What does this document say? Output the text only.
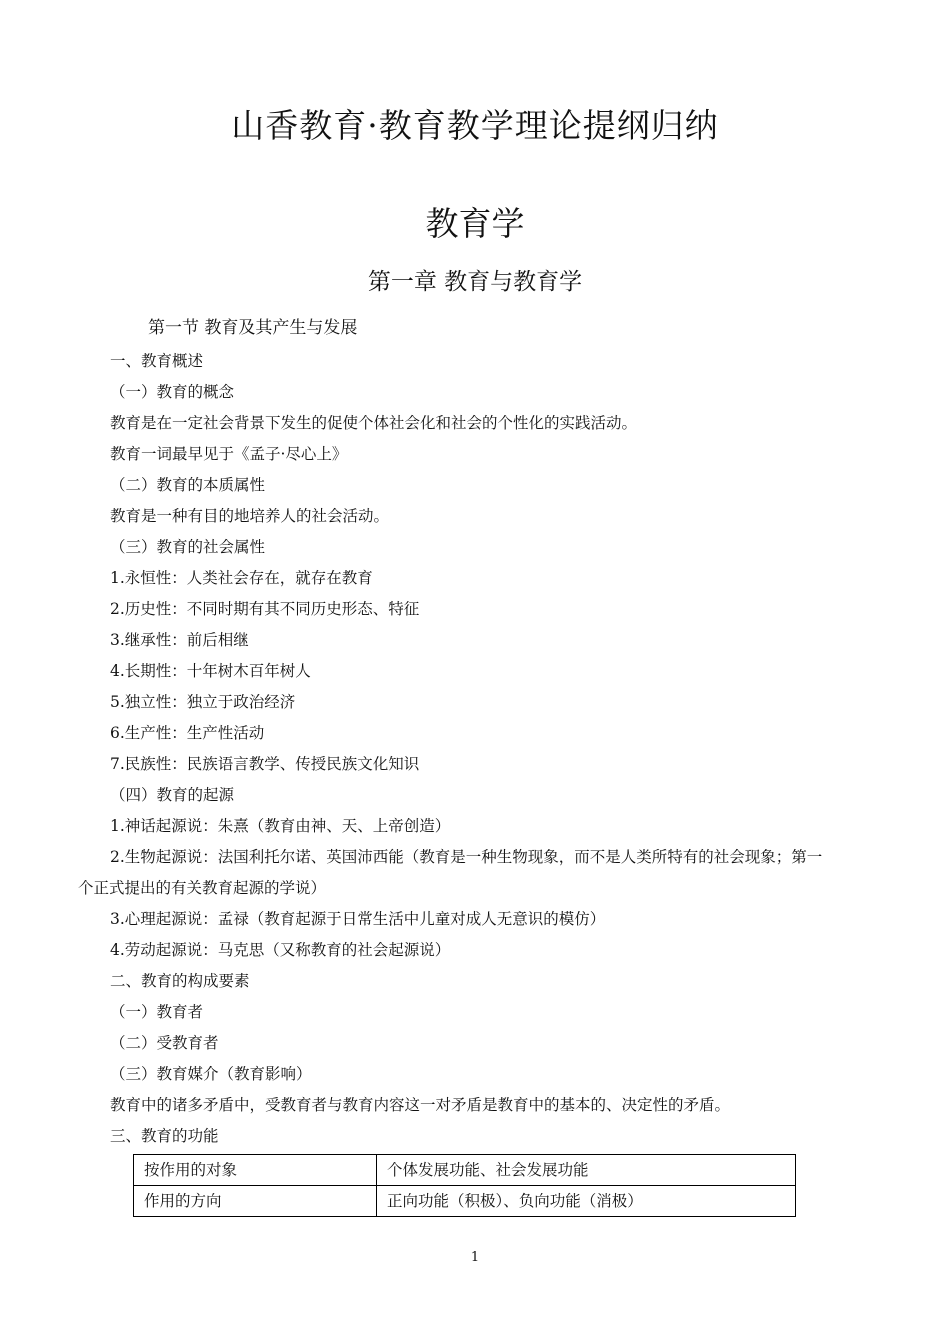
山香教育·教育教学理论提纲归纳
教育学
第一章 教育与教育学
第一节 教育及其产生与发展
一、教育概述
（一）教育的概念
教育是在一定社会背景下发生的促使个体社会化和社会的个性化的实践活动。
教育一词最早见于《孟子·尽心上》
（二）教育的本质属性
教育是一种有目的地培养人的社会活动。
（三）教育的社会属性
1.永恒性：人类社会存在，就存在教育
2.历史性：不同时期有其不同历史形态、特征
3.继承性：前后相继
4.长期性：十年树木百年树人
5.独立性：独立于政治经济
6.生产性：生产性活动
7.民族性：民族语言教学、传授民族文化知识
（四）教育的起源
1.神话起源说：朱熹（教育由神、天、上帝创造）
2.生物起源说：法国利托尔诺、英国沛西能（教育是一种生物现象，而不是人类所特有的社会现象；第一
个正式提出的有关教育起源的学说）
3.心理起源说：孟禄（教育起源于日常生活中儿童对成人无意识的模仿）
4.劳动起源说：马克思（又称教育的社会起源说）
二、教育的构成要素
（一）教育者
（二）受教育者
（三）教育媒介（教育影响）
教育中的诸多矛盾中，受教育者与教育内容这一对矛盾是教育中的基本的、决定性的矛盾。
三、教育的功能
按作用的对象	个体发展功能、社会发展功能
作用的方向	正向功能（积极）、负向功能（消极）
1
